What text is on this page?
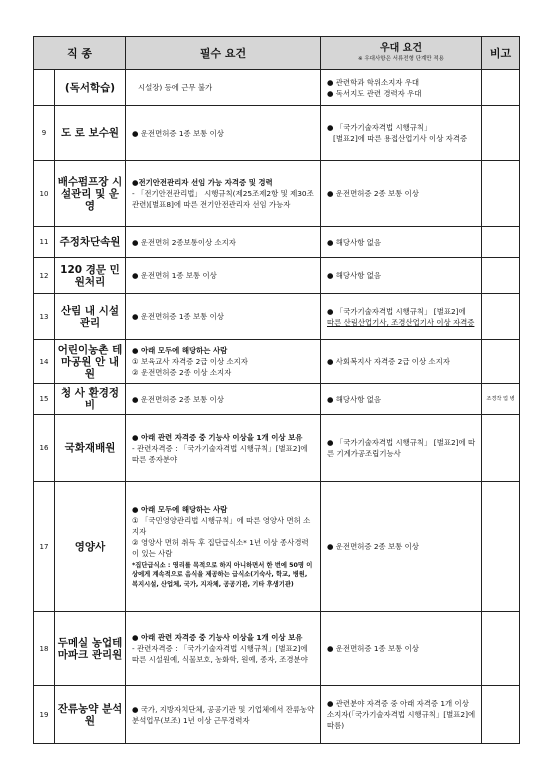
직 종		필수 요건	우대 요건
※ 우대사항은 서류전형 단계만 적용	비고
	(독서학습)	시설장) 등에 근무 불가	● 관련학과 학위소지자 우대
● 독서지도 관련 경력자 우대	

9	도 로 보수원	● 운전면허증 1종 보통 이상	● 「국가기술자격법 시행규칙」
[별표2]에 따른 용접산업기사 이상 자격증	

10	배수펌프장 시설관리 및 운영	●전기안전관리자 선임 가능 자격증 및 경력
- 「전기안전관리법」 시행규칙(제25조제2항 및 제30조 관련)[별표8]에 따른 전기안전관리자 선임 가능자	● 운전면허증 2종 보통 이상	

11	주정차단속원	● 운전면허 2종보통이상 소지자	● 해당사항 없음	

12	120 경문 민원처리	● 운전면허 1종 보통 이상	● 해당사항 없음	

13	산림 내 시설관리	● 운전면허증 1종 보통 이상	● 「국가기술자격법 시행규칙」 [별표2]에
따른 산림산업기사, 조경산업기사 이상 자격증	

14	어린이농촌 테마공원 안 내 원	● 아래 모두에 해당하는 사람
① 보육교사 자격증 2급 이상 소지자
② 운전면허증 2종 이상 소지자	● 사회복지사 자격증 2급 이상 소지자	

15	청 사 환경정비	● 운전면허증 2종 보통 이상	● 해당사항 없음	조경작 업 병
16	국화재배원	● 아래 관련 자격증 중 기능사 이상을 1개 이상 보유
- 관련자격증 : 「국가기술자격법 시행규칙」[별표2]에 따른 종자분야	● 「국가기술자격법 시행규칙」 [별표2]에 따른 기계가공조립기능사	

17	영양사	● 아래 모두에 해당하는 사람
① 「국민영양관리법 시행규칙」에 따른 영양사 면허 소지자
② 영양사 면허 취득 후 집단급식소* 1년 이상 종사경력이 있는 사람
*집단급식소 : 영리를 목적으로 하지 아니하면서 한 번에 50명 이상에게 계속적으로 음식을 제공하는 급식소(기숙사, 학교, 병원, 복지시설, 산업체, 국가, 지자체, 공공기관, 기타 후생기관)	● 운전면허증 2종 보통 이상	

18	두메실 농업테마파크 관리원	● 아래 관련 자격증 중 기능사 이상을 1개 이상 보유
- 관련자격증 : 「국가기술자격법 시행규칙」[별표2]에 따른 시설원예, 식물보호, 농화학, 원예, 종자, 조경분야	● 운전면허증 1종 보통 이상	

19	잔류농약 분석원	● 국가, 지방자치단체, 공공기관 및 기업체에서 잔류농약 분석업무(보조) 1년 이상 근무경력자	● 관련분야 자격증 중 아래 자격증 1개 이상 소지자(「국가기술자격법 시행규칙」[별표2]에 따름)	
